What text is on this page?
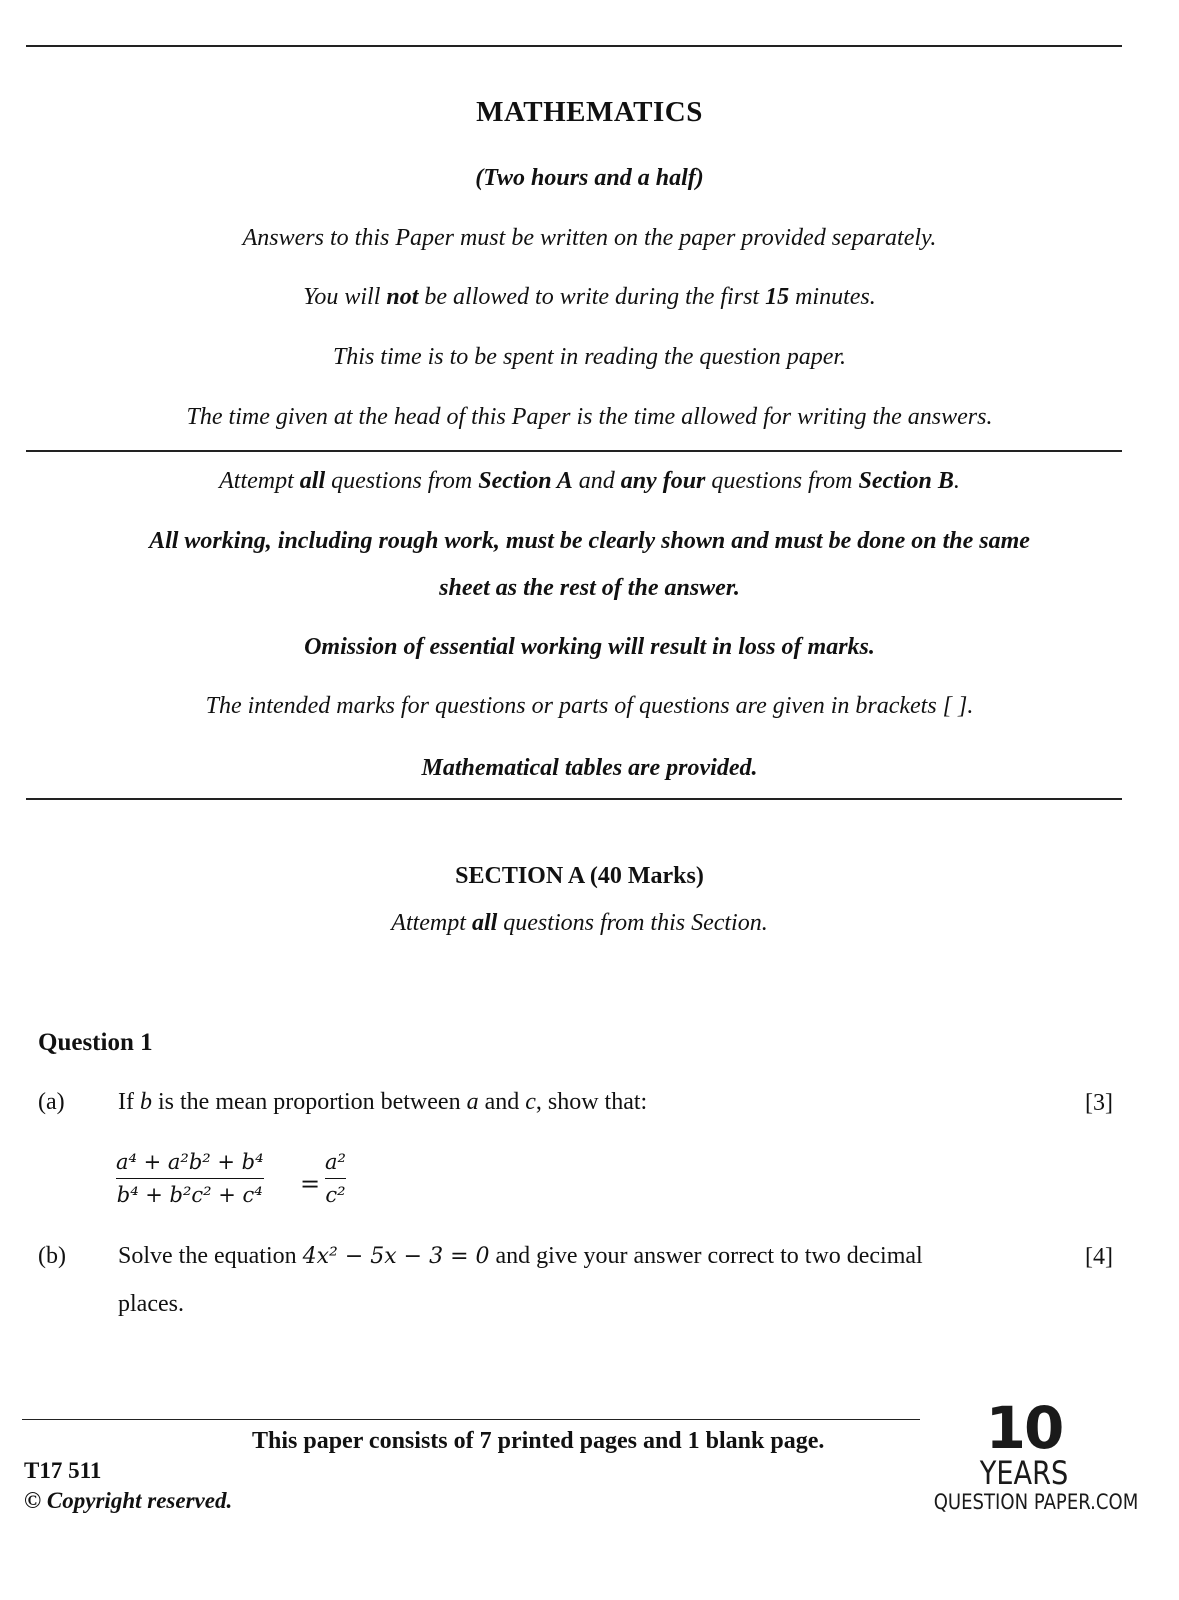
MATHEMATICS
(Two hours and a half)
Answers to this Paper must be written on the paper provided separately.
You will not be allowed to write during the first 15 minutes.
This time is to be spent in reading the question paper.
The time given at the head of this Paper is the time allowed for writing the answers.
Attempt all questions from Section A and any four questions from Section B.
All working, including rough work, must be clearly shown and must be done on the same
sheet as the rest of the answer.
Omission of essential working will result in loss of marks.
The intended marks for questions or parts of questions are given in brackets [ ].
Mathematical tables are provided.
SECTION A (40 Marks)
Attempt all questions from this Section.
Question 1
(a) If b is the mean proportion between a and c, show that:	[3]
a⁴ + a²b² + b⁴
b⁴ + b²c² + c⁴ =
a²
c²
(b) Solve the equation 4x² − 5x − 3 = 0 and give your answer correct to two decimal
places.
[4]
This paper consists of 7 printed pages and 1 blank page.
T17 511
© Copyright reserved.
10
YEARS
QUESTION PAPER.COM
